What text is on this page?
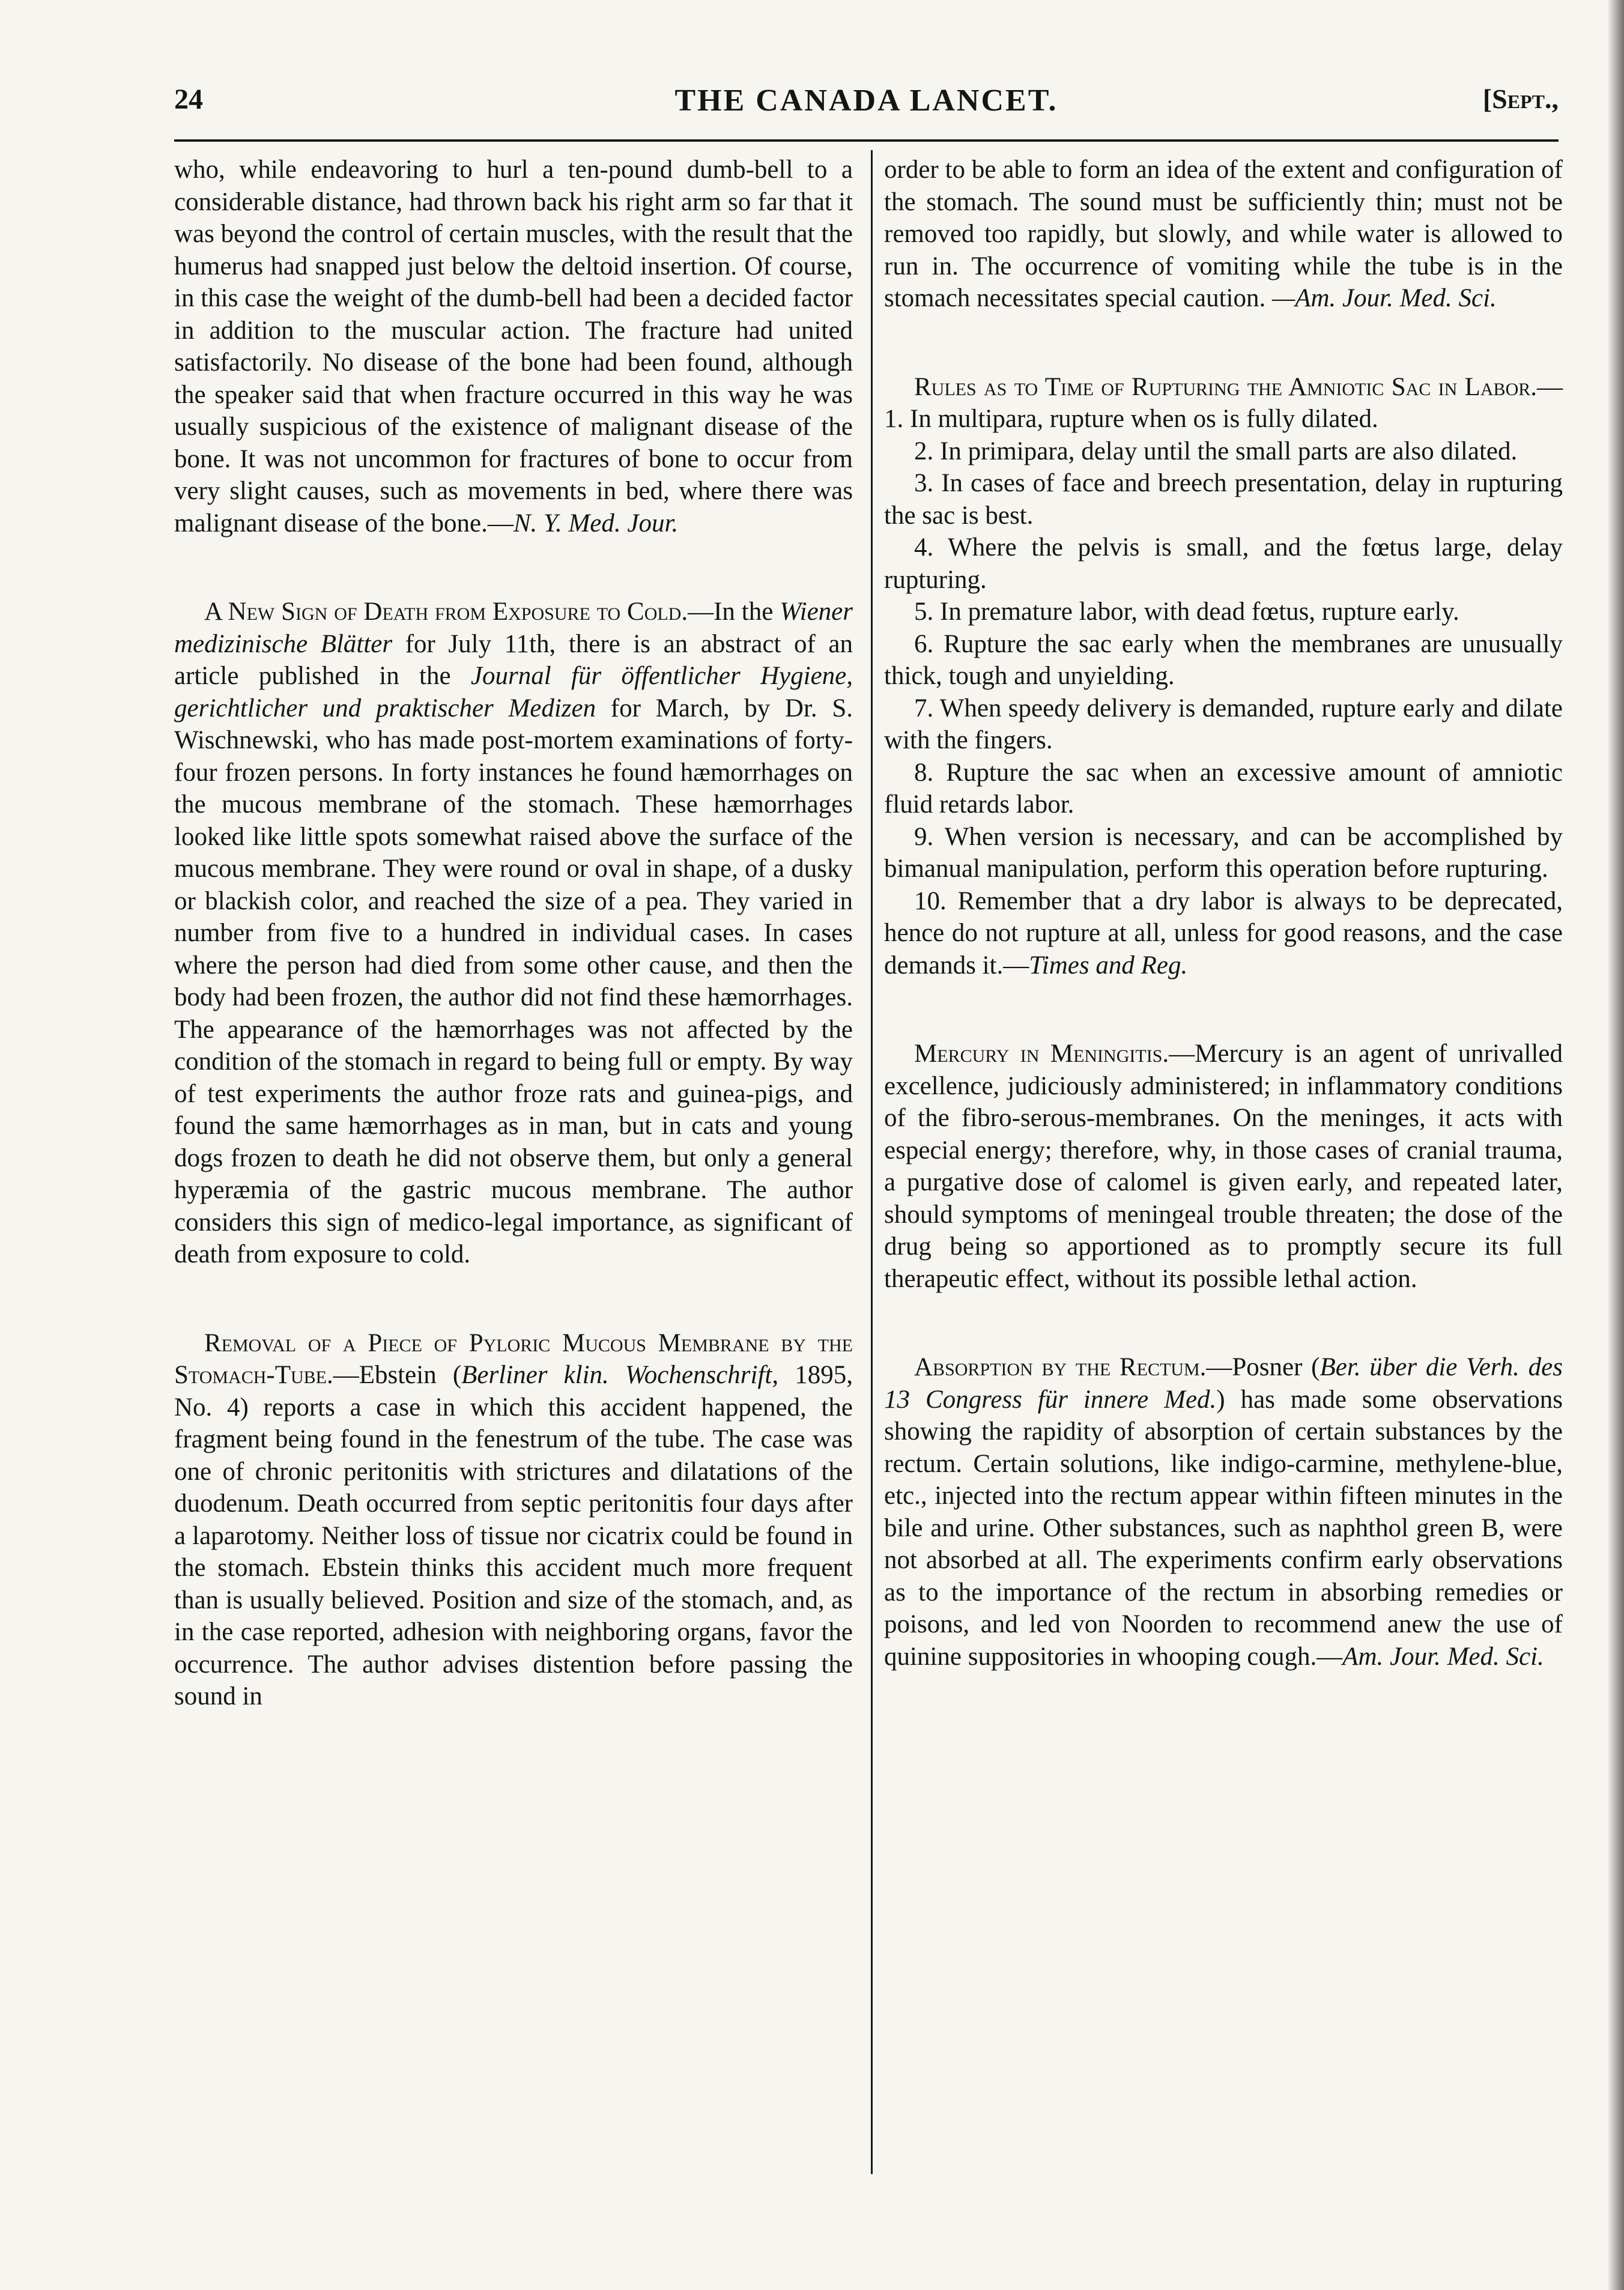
24	THE CANADA LANCET.	[Sept.,

who, while endeavoring to hurl a ten-pound dumb-bell to a considerable distance, had thrown back his right arm so far that it was beyond the control of certain muscles, with the result that the humerus had snapped just below the deltoid insertion. Of course, in this case the weight of the dumb-bell had been a decided factor in addition to the muscular action. The fracture had united satisfactorily. No disease of the bone had been found, although the speaker said that when fracture occurred in this way he was usually suspicious of the existence of malignant disease of the bone. It was not uncommon for fractures of bone to occur from very slight causes, such as movements in bed, where there was malignant disease of the bone.—N. Y. Med. Jour.

A New Sign of Death from Exposure to Cold.—In the Wiener medizinische Blätter for July 11th, there is an abstract of an article published in the Journal für öffentlicher Hygiene, gerichtlicher und praktischer Medizen for March, by Dr. S. Wischnewski, who has made post-mortem examinations of forty-four frozen persons. In forty instances he found hæmorrhages on the mucous membrane of the stomach. These hæmorrhages looked like little spots somewhat raised above the surface of the mucous membrane. They were round or oval in shape, of a dusky or blackish color, and reached the size of a pea. They varied in number from five to a hundred in individual cases. In cases where the person had died from some other cause, and then the body had been frozen, the author did not find these hæmorrhages. The appearance of the hæmorrhages was not affected by the condition of the stomach in regard to being full or empty. By way of test experiments the author froze rats and guinea-pigs, and found the same hæmorrhages as in man, but in cats and young dogs frozen to death he did not observe them, but only a general hyperæmia of the gastric mucous membrane. The author considers this sign of medico-legal importance, as significant of death from exposure to cold.

Removal of a Piece of Pyloric Mucous Membrane by the Stomach-Tube.—Ebstein (Berliner klin. Wochenschrift, 1895, No. 4) reports a case in which this accident happened, the fragment being found in the fenestrum of the tube. The case was one of chronic peritonitis with strictures and dilatations of the duodenum. Death occurred from septic peritonitis four days after a laparotomy. Neither loss of tissue nor cicatrix could be found in the stomach. Ebstein thinks this accident much more frequent than is usually believed. Position and size of the stomach, and, as in the case reported, adhesion with neighboring organs, favor the occurrence. The author advises distention before passing the sound in

order to be able to form an idea of the extent and configuration of the stomach. The sound must be sufficiently thin; must not be removed too rapidly, but slowly, and while water is allowed to run in. The occurrence of vomiting while the tube is in the stomach necessitates special caution. —Am. Jour. Med. Sci.

Rules as to Time of Rupturing the Amniotic Sac in Labor.—1. In multipara, rupture when os is fully dilated.

2. In primipara, delay until the small parts are also dilated.

3. In cases of face and breech presentation, delay in rupturing the sac is best.

4. Where the pelvis is small, and the fœtus large, delay rupturing.

5. In premature labor, with dead fœtus, rupture early.

6. Rupture the sac early when the membranes are unusually thick, tough and unyielding.

7. When speedy delivery is demanded, rupture early and dilate with the fingers.

8. Rupture the sac when an excessive amount of amniotic fluid retards labor.

9. When version is necessary, and can be accomplished by bimanual manipulation, perform this operation before rupturing.

10. Remember that a dry labor is always to be deprecated, hence do not rupture at all, unless for good reasons, and the case demands it.—Times and Reg.

Mercury in Meningitis.—Mercury is an agent of unrivalled excellence, judiciously administered; in inflammatory conditions of the fibro-serous-membranes. On the meninges, it acts with especial energy; therefore, why, in those cases of cranial trauma, a purgative dose of calomel is given early, and repeated later, should symptoms of meningeal trouble threaten; the dose of the drug being so apportioned as to promptly secure its full therapeutic effect, without its possible lethal action.

Absorption by the Rectum.—Posner (Ber. über die Verh. des 13 Congress für innere Med.) has made some observations showing the rapidity of absorption of certain substances by the rectum. Certain solutions, like indigo-carmine, methylene-blue, etc., injected into the rectum appear within fifteen minutes in the bile and urine. Other substances, such as naphthol green B, were not absorbed at all. The experiments confirm early observations as to the importance of the rectum in absorbing remedies or poisons, and led von Noorden to recommend anew the use of quinine suppositories in whooping cough.—Am. Jour. Med. Sci.
